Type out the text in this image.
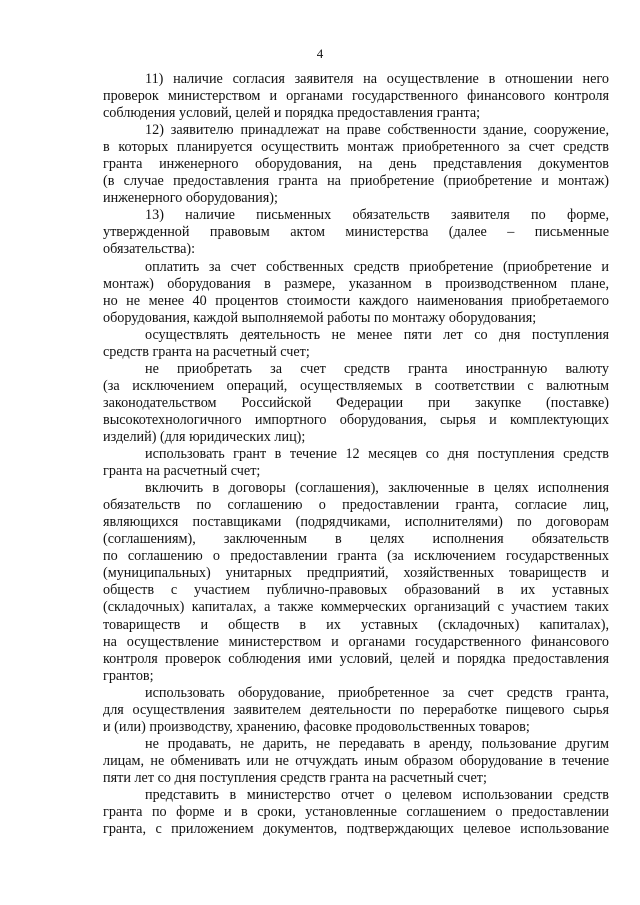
4
11) наличие согласия заявителя на осуществление в отношении него
проверок министерством и органами государственного финансового контроля
соблюдения условий, целей и порядка предоставления гранта;
12) заявителю принадлежат на праве собственности здание, сооружение,
в которых планируется осуществить монтаж приобретенного за счет средств
гранта инженерного оборудования, на день представления документов
(в случае предоставления гранта на приобретение (приобретение и монтаж)
инженерного оборудования);
13) наличие письменных обязательств заявителя по форме,
утвержденной правовым актом министерства (далее – письменные
обязательства):
оплатить за счет собственных средств приобретение (приобретение и
монтаж) оборудования в размере, указанном в производственном плане,
но не менее 40 процентов стоимости каждого наименования приобретаемого
оборудования, каждой выполняемой работы по монтажу оборудования;
осуществлять деятельность не менее пяти лет со дня поступления
средств гранта на расчетный счет;
не приобретать за счет средств гранта иностранную валюту
(за исключением операций, осуществляемых в соответствии с валютным
законодательством Российской Федерации при закупке (поставке)
высокотехнологичного импортного оборудования, сырья и комплектующих
изделий) (для юридических лиц);
использовать грант в течение 12 месяцев со дня поступления средств
гранта на расчетный счет;
включить в договоры (соглашения), заключенные в целях исполнения
обязательств по соглашению о предоставлении гранта, согласие лиц,
являющихся поставщиками (подрядчиками, исполнителями) по договорам
(соглашениям), заключенным в целях исполнения обязательств
по соглашению о предоставлении гранта (за исключением государственных
(муниципальных) унитарных предприятий, хозяйственных товариществ и
обществ с участием публично-правовых образований в их уставных
(складочных) капиталах, а также коммерческих организаций с участием таких
товариществ и обществ в их уставных (складочных) капиталах),
на осуществление министерством и органами государственного финансового
контроля проверок соблюдения ими условий, целей и порядка предоставления
грантов;
использовать оборудование, приобретенное за счет средств гранта,
для осуществления заявителем деятельности по переработке пищевого сырья
и (или) производству, хранению, фасовке продовольственных товаров;
не продавать, не дарить, не передавать в аренду, пользование другим
лицам, не обменивать или не отчуждать иным образом оборудование в течение
пяти лет со дня поступления средств гранта на расчетный счет;
представить в министерство отчет о целевом использовании средств
гранта по форме и в сроки, установленные соглашением о предоставлении
гранта, с приложением документов, подтверждающих целевое использование
